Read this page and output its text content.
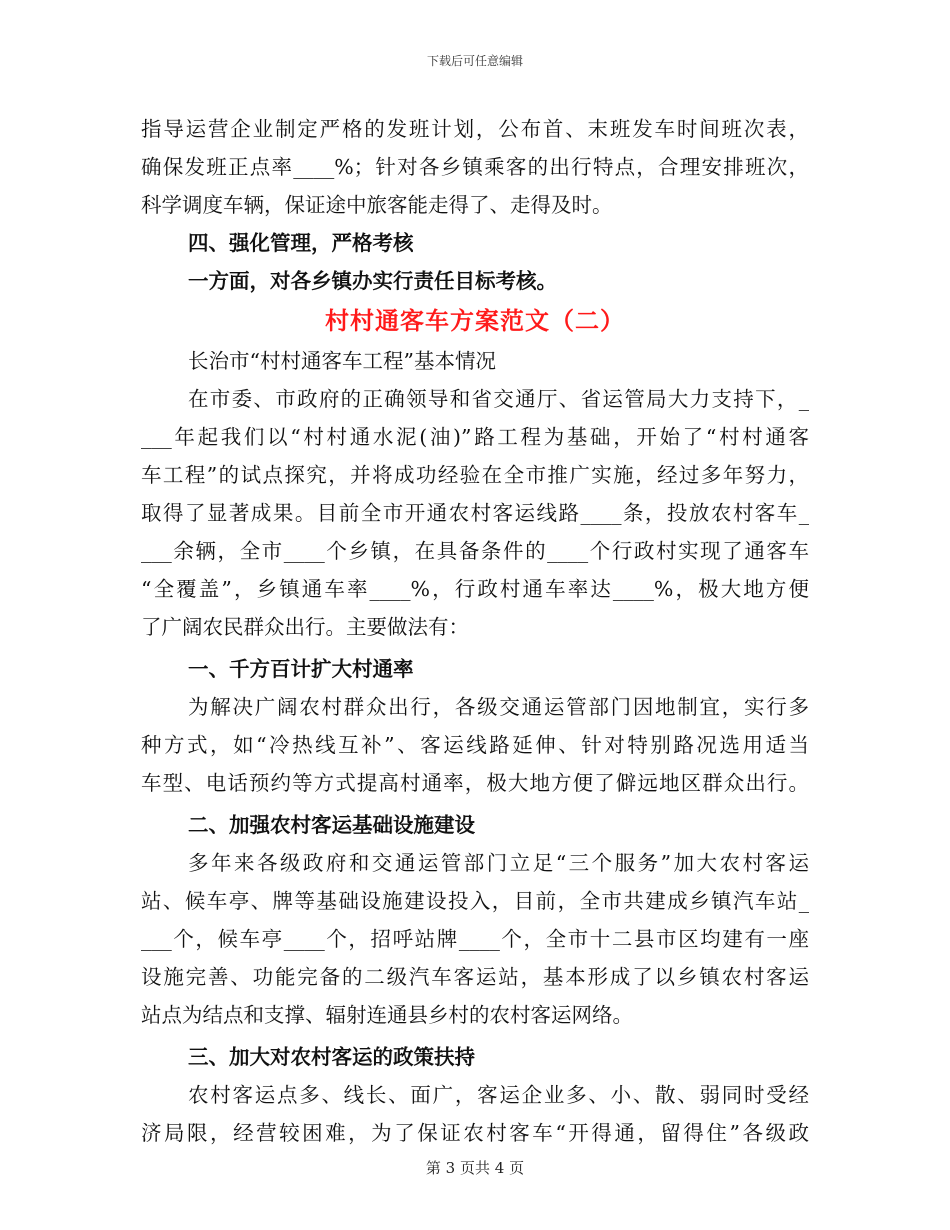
下载后可任意编辑
指导运营企业制定严格的发班计划，公布首、末班发车时间班次表，
确保发班正点率____%；针对各乡镇乘客的出行特点，合理安排班次，
科学调度车辆，保证途中旅客能走得了、走得及时。
四、强化管理，严格考核
一方面，对各乡镇办实行责任目标考核。
村村通客车方案范文（二）
长治市“村村通客车工程”基本情况
在市委、市政府的正确领导和省交通厅、省运管局大力支持下，_
___年起我们以“村村通水泥(油)”路工程为基础，开始了“村村通客
车工程”的试点探究，并将成功经验在全市推广实施，经过多年努力，
取得了显著成果。目前全市开通农村客运线路____条，投放农村客车_
___余辆，全市____个乡镇，在具备条件的____个行政村实现了通客车
“全覆盖”，乡镇通车率____%，行政村通车率达____%，极大地方便
了广阔农民群众出行。主要做法有：
一、千方百计扩大村通率
为解决广阔农村群众出行，各级交通运管部门因地制宜，实行多
种方式，如“冷热线互补”、客运线路延伸、针对特别路况选用适当
车型、电话预约等方式提高村通率，极大地方便了僻远地区群众出行。
二、加强农村客运基础设施建设
多年来各级政府和交通运管部门立足“三个服务”加大农村客运
站、候车亭、牌等基础设施建设投入，目前，全市共建成乡镇汽车站_
___个，候车亭____个，招呼站牌____个，全市十二县市区均建有一座
设施完善、功能完备的二级汽车客运站，基本形成了以乡镇农村客运
站点为结点和支撑、辐射连通县乡村的农村客运网络。
三、加大对农村客运的政策扶持
农村客运点多、线长、面广，客运企业多、小、散、弱同时受经
济局限，经营较困难，为了保证农村客车“开得通，留得住”各级政
第 3 页共 4 页
